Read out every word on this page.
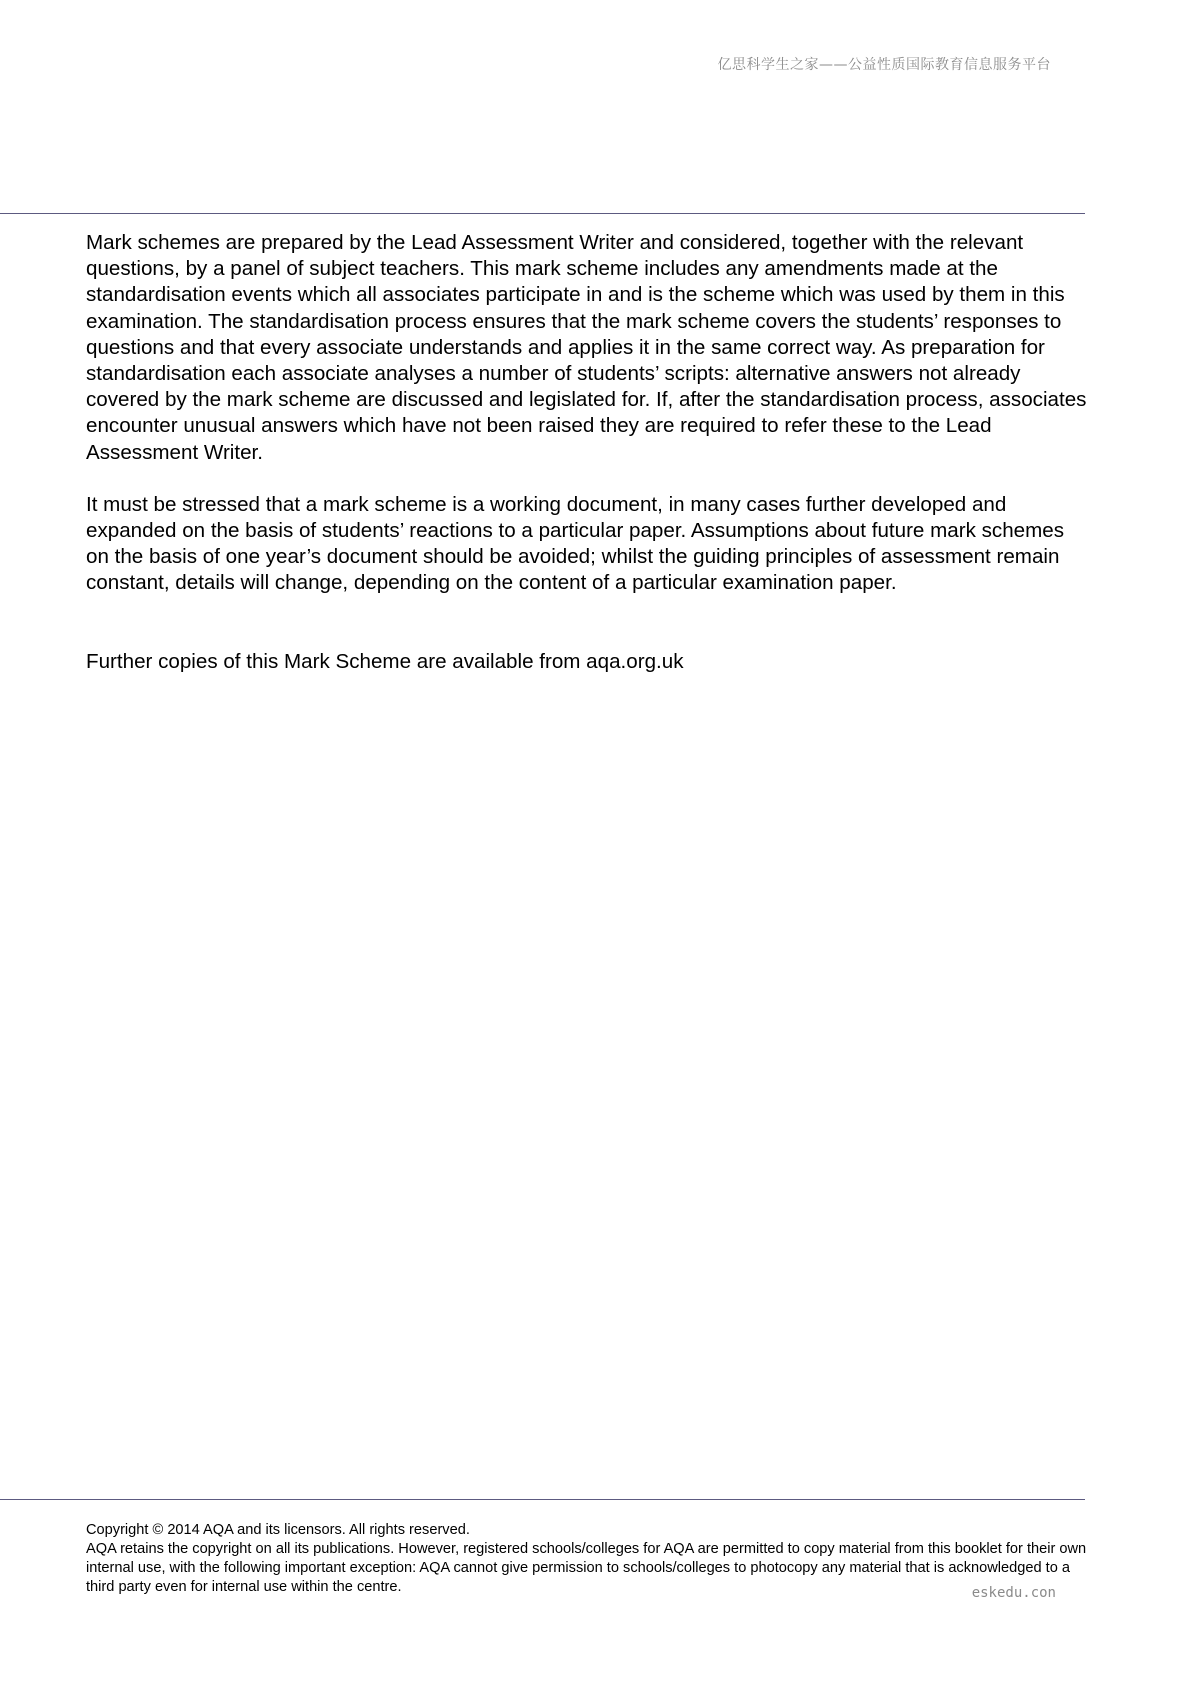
亿思科学生之家——公益性质国际教育信息服务平台

Mark schemes are prepared by the Lead Assessment Writer and considered, together with the relevant questions, by a panel of subject teachers. This mark scheme includes any amendments made at the standardisation events which all associates participate in and is the scheme which was used by them in this examination. The standardisation process ensures that the mark scheme covers the students’ responses to questions and that every associate understands and applies it in the same correct way. As preparation for standardisation each associate analyses a number of students’ scripts: alternative answers not already covered by the mark scheme are discussed and legislated for. If, after the standardisation process, associates encounter unusual answers which have not been raised they are required to refer these to the Lead Assessment Writer.

It must be stressed that a mark scheme is a working document, in many cases further developed and expanded on the basis of students’ reactions to a particular paper. Assumptions about future mark schemes on the basis of one year’s document should be avoided; whilst the guiding principles of assessment remain constant, details will change, depending on the content of a particular examination paper.

Further copies of this Mark Scheme are available from aqa.org.uk

Copyright © 2014 AQA and its licensors. All rights reserved.

AQA retains the copyright on all its publications. However, registered schools/colleges for AQA are permitted to copy material from this booklet for their own internal use, with the following important exception: AQA cannot give permission to schools/colleges to photocopy any material that is acknowledged to a third party even for internal use within the centre.	eskedu.con
